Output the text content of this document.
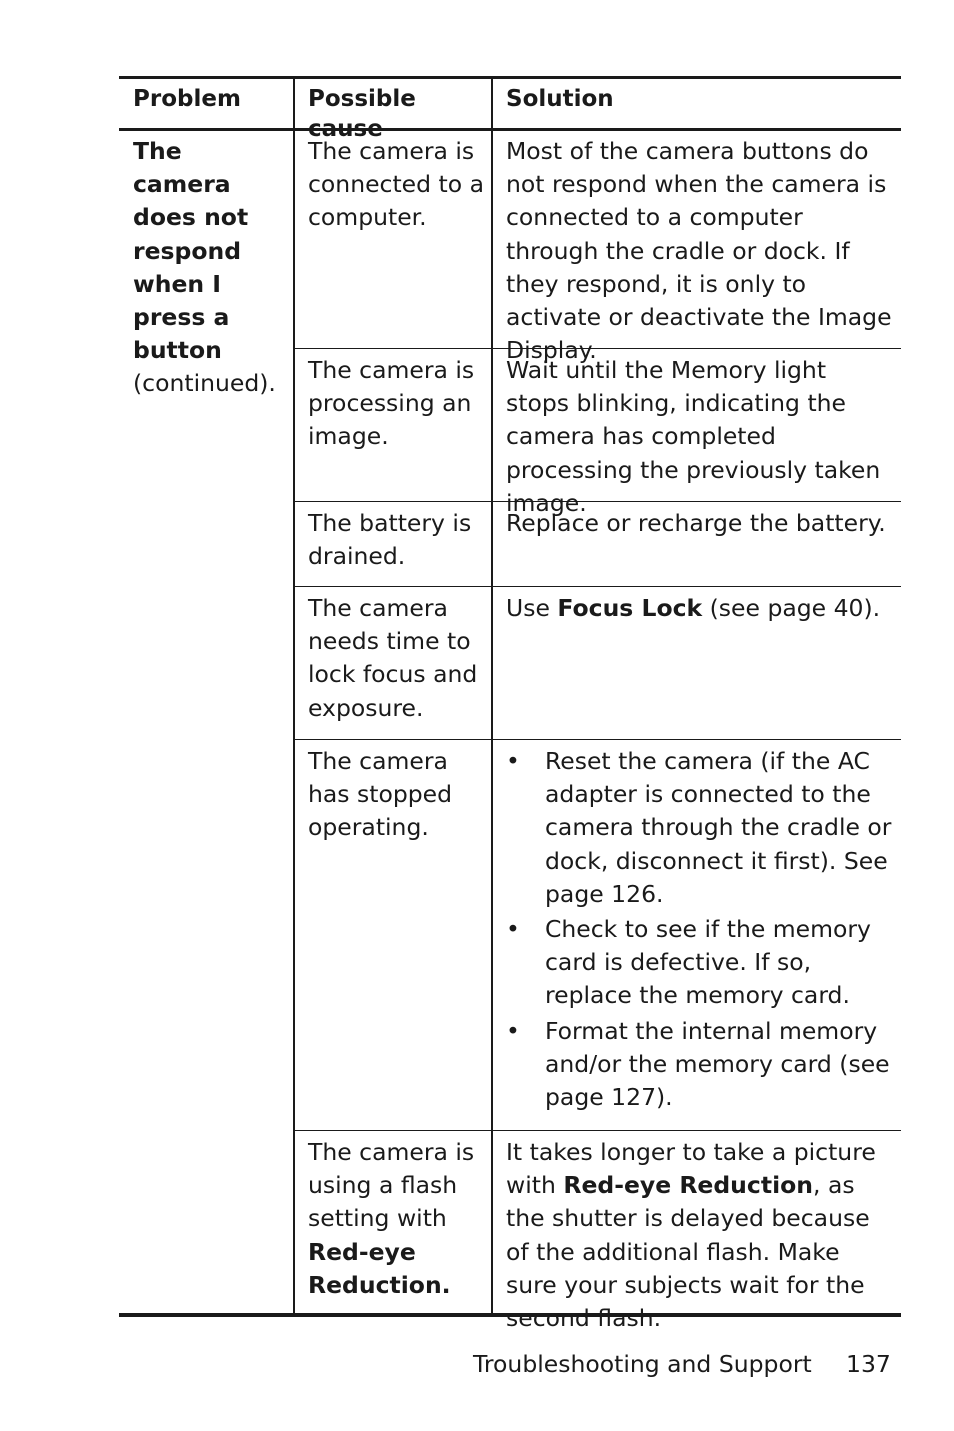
Problem	Possible cause
Solution
The camera does not respond when I press a button (continued).
The camera is connected to a computer.
Most of the camera buttons do not respond when the camera is connected to a computer through the cradle or dock. If they respond, it is only to activate or deactivate the Image Display.
The camera is processing an image.
Wait until the Memory light stops blinking, indicating the camera has completed processing the previously taken image.
The battery is drained.
Replace or recharge the battery.
The camera needs time to lock focus and exposure.
Use Focus Lock (see page 40).
The camera has stopped operating.
• Reset the camera (if the AC adapter is connected to the camera through the cradle or dock, disconnect it first). See page 126.
• Check to see if the memory card is defective. If so, replace the memory card.
• Format the internal memory and/or the memory card (see page 127).
The camera is using a flash setting with Red-eye Reduction.
It takes longer to take a picture with Red-eye Reduction, as the shutter is delayed because of the additional flash. Make sure your subjects wait for the second flash.
Troubleshooting and Support 137
